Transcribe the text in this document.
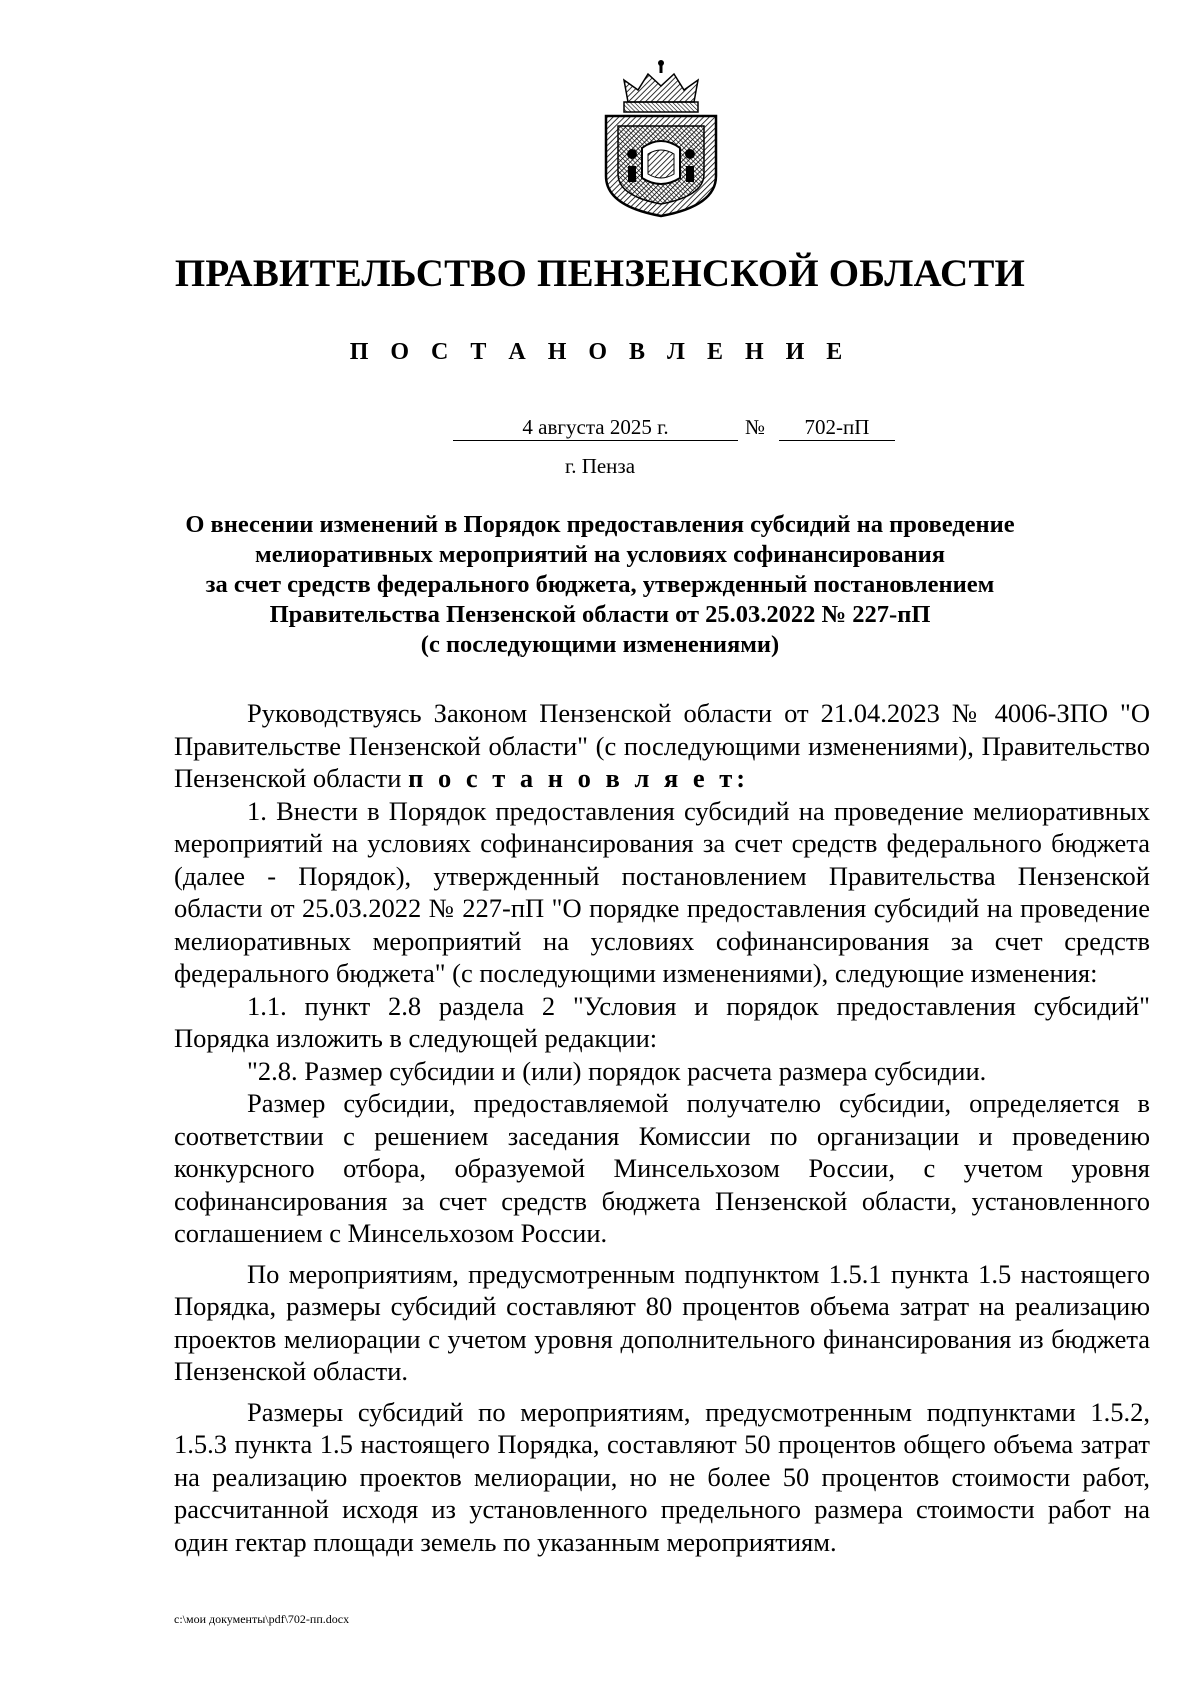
ПРАВИТЕЛЬСТВО ПЕНЗЕНСКОЙ ОБЛАСТИ
П О С Т А Н О В Л Е Н И Е
4 августа 2025 г.	№	702-пП
г. Пенза
О внесении изменений в Порядок предоставления субсидий на проведение
мелиоративных мероприятий на условиях софинансирования
за счет средств федерального бюджета, утвержденный постановлением
Правительства Пензенской области от 25.03.2022 № 227-пП
(с последующими изменениями)

Руководствуясь Законом Пензенской области от 21.04.2023 № 4006-ЗПО "О Правительстве Пензенской области" (с последующими изменениями), Правительство Пензенской области п о с т а н о в л я е т:

1. Внести в Порядок предоставления субсидий на проведение мелиоративных мероприятий на условиях софинансирования за счет средств федерального бюджета (далее - Порядок), утвержденный постановлением Правительства Пензенской области от 25.03.2022 № 227-пП "О порядке предоставления субсидий на проведение мелиоративных мероприятий на условиях софинансирования за счет средств федерального бюджета" (с последующими изменениями), следующие изменения:

1.1. пункт 2.8 раздела 2 "Условия и порядок предоставления субсидий" Порядка изложить в следующей редакции:

"2.8. Размер субсидии и (или) порядок расчета размера субсидии.

Размер субсидии, предоставляемой получателю субсидии, определяется в соответствии с решением заседания Комиссии по организации и проведению конкурсного отбора, образуемой Минсельхозом России, с учетом уровня софинансирования за счет средств бюджета Пензенской области, установленного соглашением с Минсельхозом России.

По мероприятиям, предусмотренным подпунктом 1.5.1 пункта 1.5 настоящего Порядка, размеры субсидий составляют 80 процентов объема затрат на реализацию проектов мелиорации с учетом уровня дополнительного финансирования из бюджета Пензенской области.

Размеры субсидий по мероприятиям, предусмотренным подпунктами 1.5.2, 1.5.3 пункта 1.5 настоящего Порядка, составляют 50 процентов общего объема затрат на реализацию проектов мелиорации, но не более 50 процентов стоимости работ, рассчитанной исходя из установленного предельного размера стоимости работ на один гектар площади земель по указанным мероприятиям.

c:\мои документы\pdf\702-пп.docx
